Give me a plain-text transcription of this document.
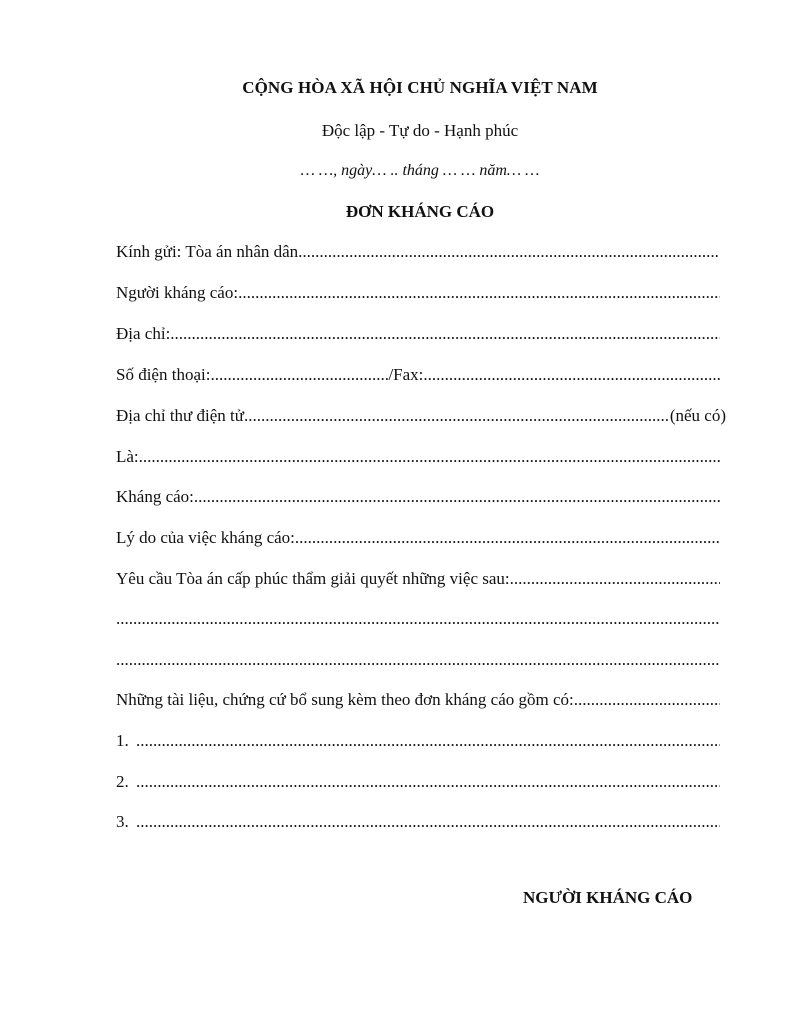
CỘNG HÒA XÃ HỘI CHỦ NGHĨA VIỆT NAM
Độc lập - Tự do - Hạnh phúc
… …, ngày… .. tháng … … năm… …
ĐƠN KHÁNG CÁO
Kính gửi: Tòa án nhân dân
.....
Người kháng cáo:
.....
Địa chỉ:
.....
Số điện thoại: .....	/Fax:
.....
Địa chỉ thư điện tử .....	(nếu có)
Là:
.....
Kháng cáo:
.....
Lý do của việc kháng cáo:
.....
Yêu cầu Tòa án cấp phúc thẩm giải quyết những việc sau:
.....
.....
.....
Những tài liệu, chứng cứ bổ sung kèm theo đơn kháng cáo gồm có:
.....
1.
.....
2.
.....
3.
.....
NGƯỜI KHÁNG CÁO
